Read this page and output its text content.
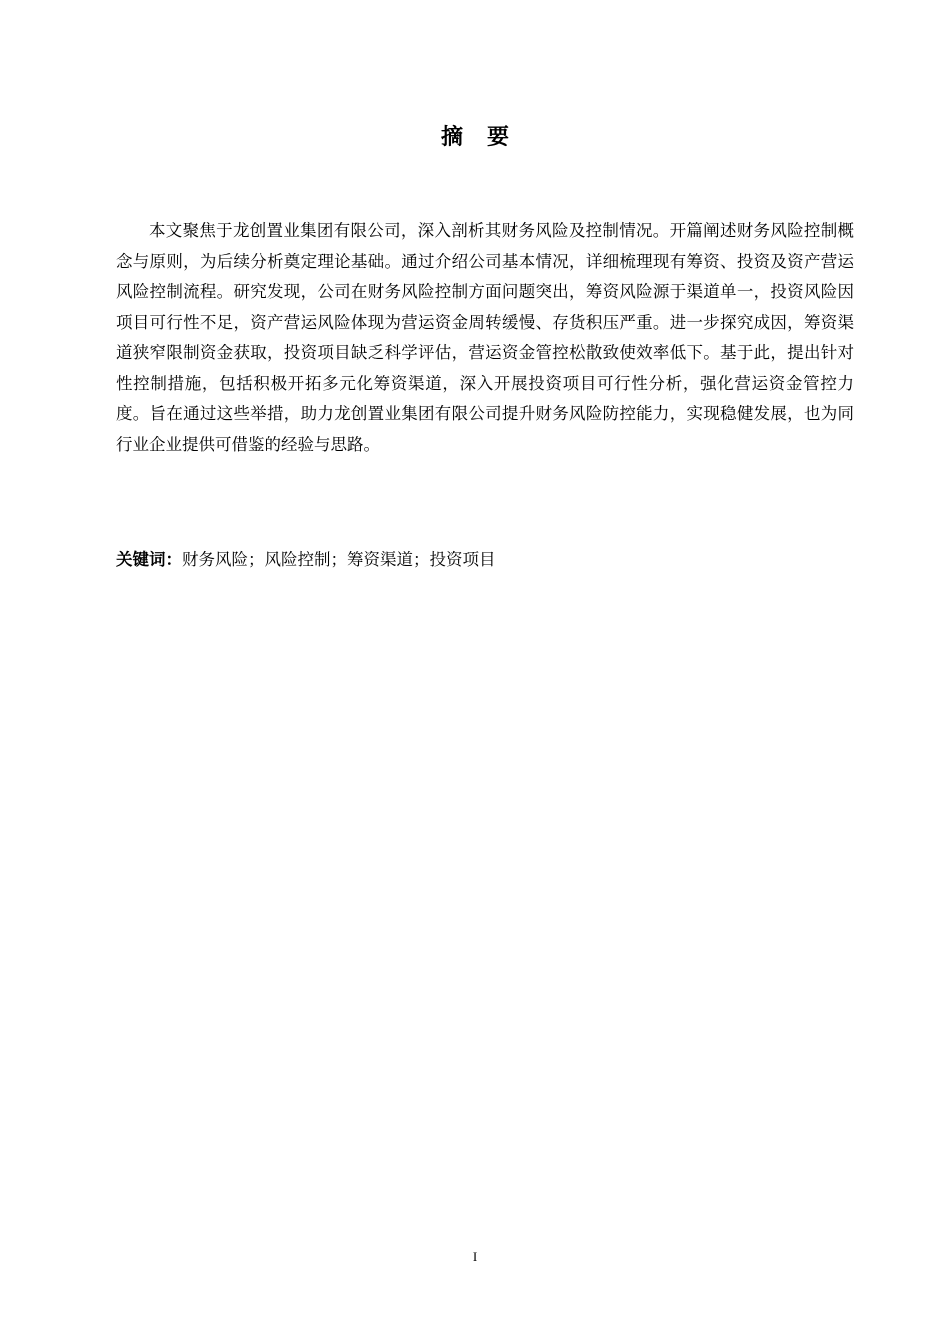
摘要

本文聚焦于龙创置业集团有限公司，深入剖析其财务风险及控制情况。开篇阐述财务风险控制概念与原则，为后续分析奠定理论基础。通过介绍公司基本情况，详细梳理现有筹资、投资及资产营运风险控制流程。研究发现，公司在财务风险控制方面问题突出，筹资风险源于渠道单一，投资风险因项目可行性不足，资产营运风险体现为营运资金周转缓慢、存货积压严重。进一步探究成因，筹资渠道狭窄限制资金获取，投资项目缺乏科学评估，营运资金管控松散致使效率低下。基于此，提出针对性控制措施，包括积极开拓多元化筹资渠道，深入开展投资项目可行性分析，强化营运资金管控力度。旨在通过这些举措，助力龙创置业集团有限公司提升财务风险防控能力，实现稳健发展，也为同行业企业提供可借鉴的经验与思路。

关键词：财务风险；风险控制；筹资渠道；投资项目

I
